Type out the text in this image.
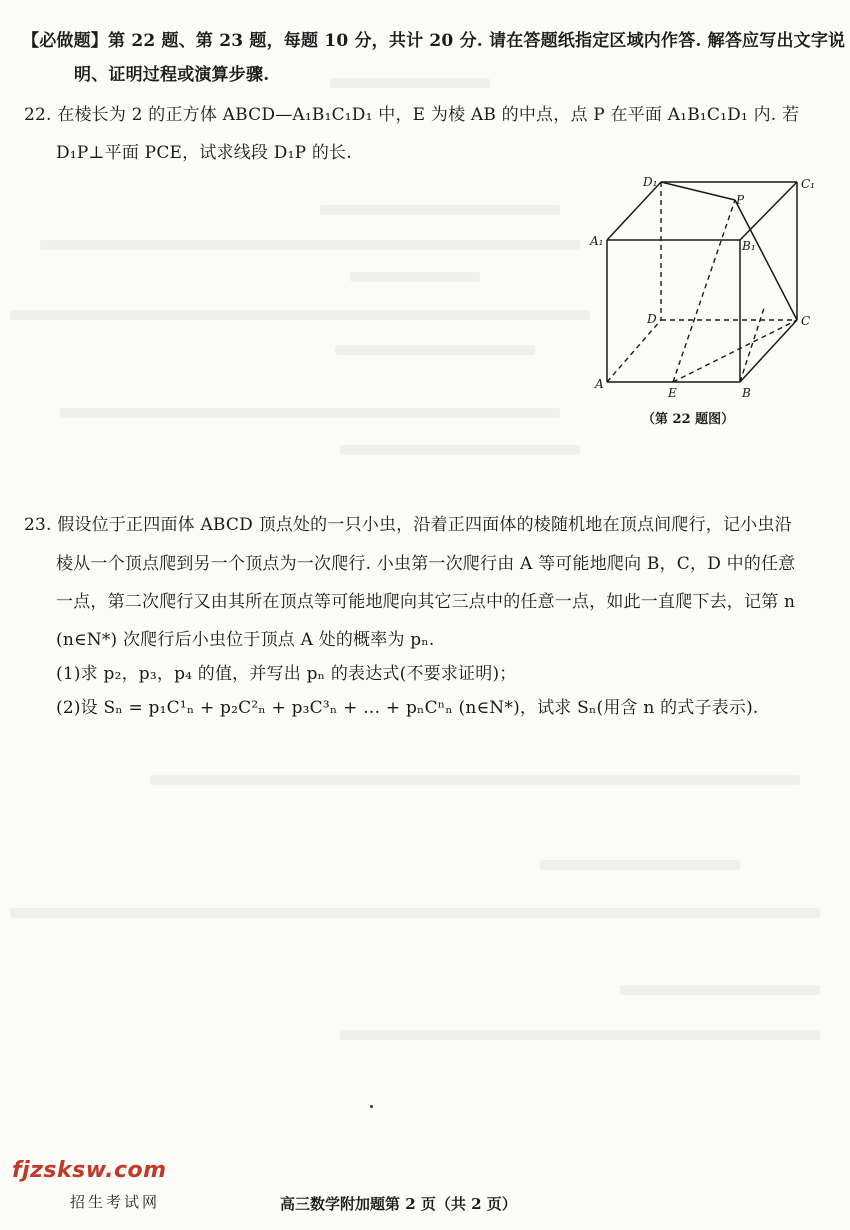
【必做题】第 22 题、第 23 题，每题 10 分，共计 20 分. 请在答题纸指定区域内作答. 解答应写出文字说
明、证明过程或演算步骤.
22. 在棱长为 2 的正方体 ABCD—A₁B₁C₁D₁ 中，E 为棱 AB 的中点，点 P 在平面 A₁B₁C₁D₁ 内. 若
D₁P⊥平面 PCE，试求线段 D₁P 的长.
D₁	C₁
A₁	B₁
P
D	C
A
E	B
（第 22 题图）
23. 假设位于正四面体 ABCD 顶点处的一只小虫，沿着正四面体的棱随机地在顶点间爬行，记小虫沿
棱从一个顶点爬到另一个顶点为一次爬行. 小虫第一次爬行由 A 等可能地爬向 B，C，D 中的任意
一点，第二次爬行又由其所在顶点等可能地爬向其它三点中的任意一点，如此一直爬下去，记第 n
(n∈N*) 次爬行后小虫位于顶点 A 处的概率为 pₙ.
(1)求 p₂，p₃，p₄ 的值，并写出 pₙ 的表达式(不要求证明)；
(2)设 Sₙ = p₁C¹ₙ + p₂C²ₙ + p₃C³ₙ + … + pₙCⁿₙ (n∈N*)，试求 Sₙ(用含 n 的式子表示).
fjzsksw.com
招生考试网	高三数学附加题第 2 页（共 2 页）
